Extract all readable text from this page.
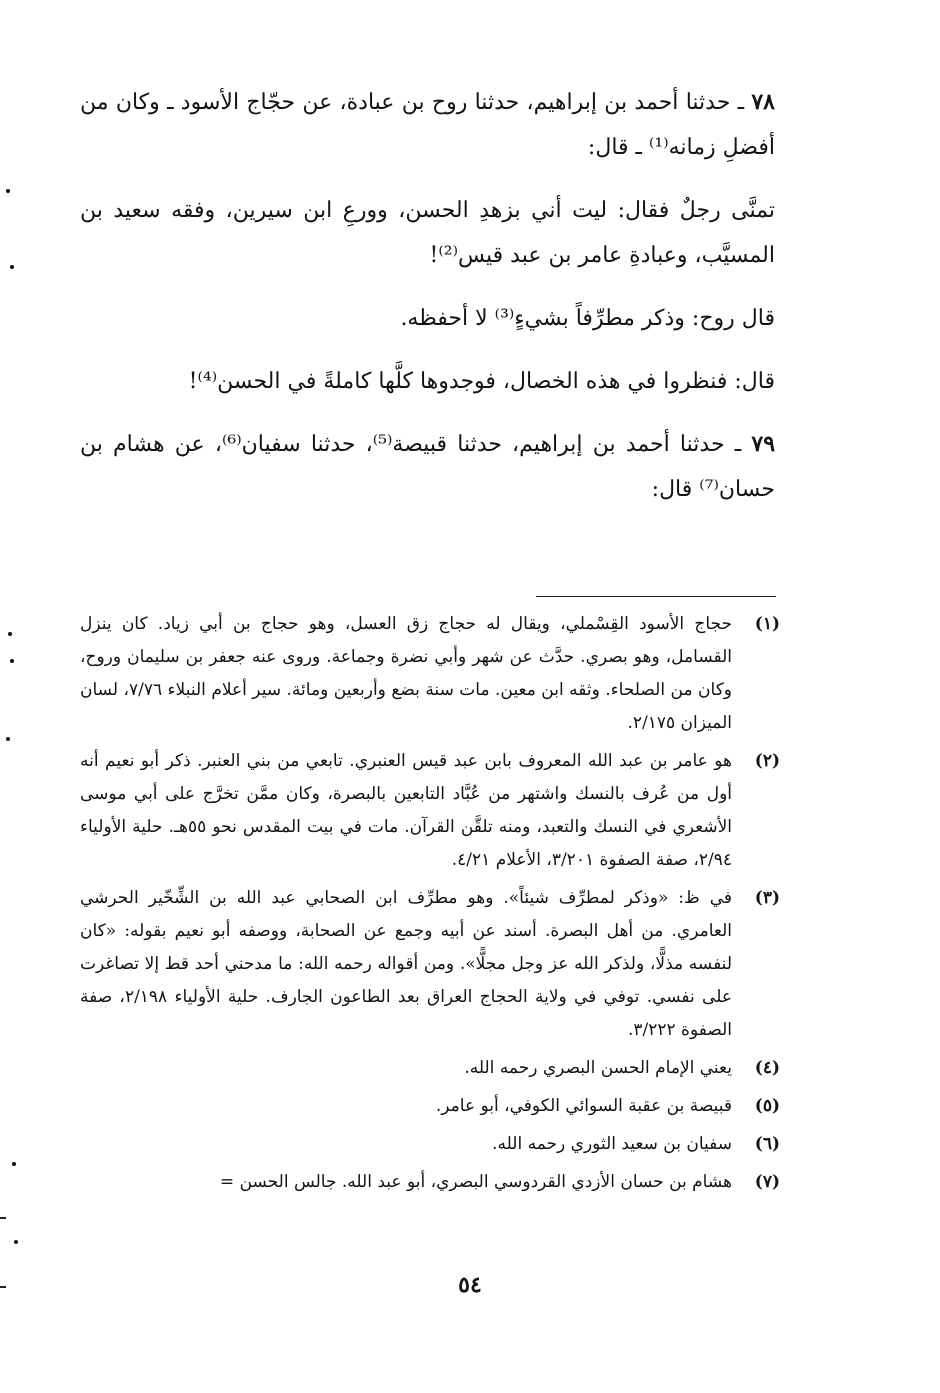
٧٨ ـ حدثنا أحمد بن إبراهيم، حدثنا روح بن عبادة، عن حجّاج الأسود ـ وكان من أفضلِ زمانه⁽¹⁾ ـ قال:

تمنَّى رجلٌ فقال: ليت أني بزهدِ الحسن، وورعِ ابن سيرين، وفقه سعيد بن المسيَّب، وعبادةِ عامر بن عبد قيس⁽²⁾!

قال روح: وذكر مطرِّفاً بشيءٍ⁽³⁾ لا أحفظه.

قال: فنظروا في هذه الخصال، فوجدوها كلَّها كاملةً في الحسن⁽⁴⁾!

٧٩ ـ حدثنا أحمد بن إبراهيم، حدثنا قبيصة⁽⁵⁾، حدثنا سفيان⁽⁶⁾، عن هشام بن حسان⁽⁷⁾ قال:

(١)
حجاج الأسود القِسْملي، ويقال له حجاج زق العسل، وهو حجاج بن أبي زياد. كان ينزل القسامل، وهو بصري. حدَّث عن شهر وأبي نضرة وجماعة. وروى عنه جعفر بن سليمان وروح، وكان من الصلحاء. وثقه ابن معين. مات سنة بضع وأربعين ومائة. سير أعلام النبلاء ٧/٧٦، لسان الميزان ٢/١٧٥.
(٢)
هو عامر بن عبد الله المعروف بابن عبد قيس العنبري. تابعي من بني العنبر. ذكر أبو نعيم أنه أول من عُرف بالنسك واشتهر من عُبَّاد التابعين بالبصرة، وكان ممَّن تخرَّج على أبي موسى الأشعري في النسك والتعبد، ومنه تلقَّن القرآن. مات في بيت المقدس نحو ٥٥هـ. حلية الأولياء ٢/٩٤، صفة الصفوة ٣/٢٠١، الأعلام ٤/٢١.
(٣)
في ظ: «وذكر لمطرِّف شيئاً». وهو مطرِّف ابن الصحابي عبد الله بن الشِّخّير الحرشي العامري. من أهل البصرة. أسند عن أبيه وجمع عن الصحابة، ووصفه أبو نعيم بقوله: «كان لنفسه مذلًّا، ولذكر الله عز وجل مجلًّا». ومن أقواله رحمه الله: ما مدحني أحد قط إلا تصاغرت على نفسي. توفي في ولاية الحجاج العراق بعد الطاعون الجارف. حلية الأولياء ٢/١٩٨، صفة الصفوة ٣/٢٢٢.
(٤)
يعني الإمام الحسن البصري رحمه الله.
(٥)
قبيصة بن عقبة السوائي الكوفي، أبو عامر.
(٦)
سفيان بن سعيد الثوري رحمه الله.
(٧)
هشام بن حسان الأزدي القردوسي البصري، أبو عبد الله. جالس الحسن =
٥٤
